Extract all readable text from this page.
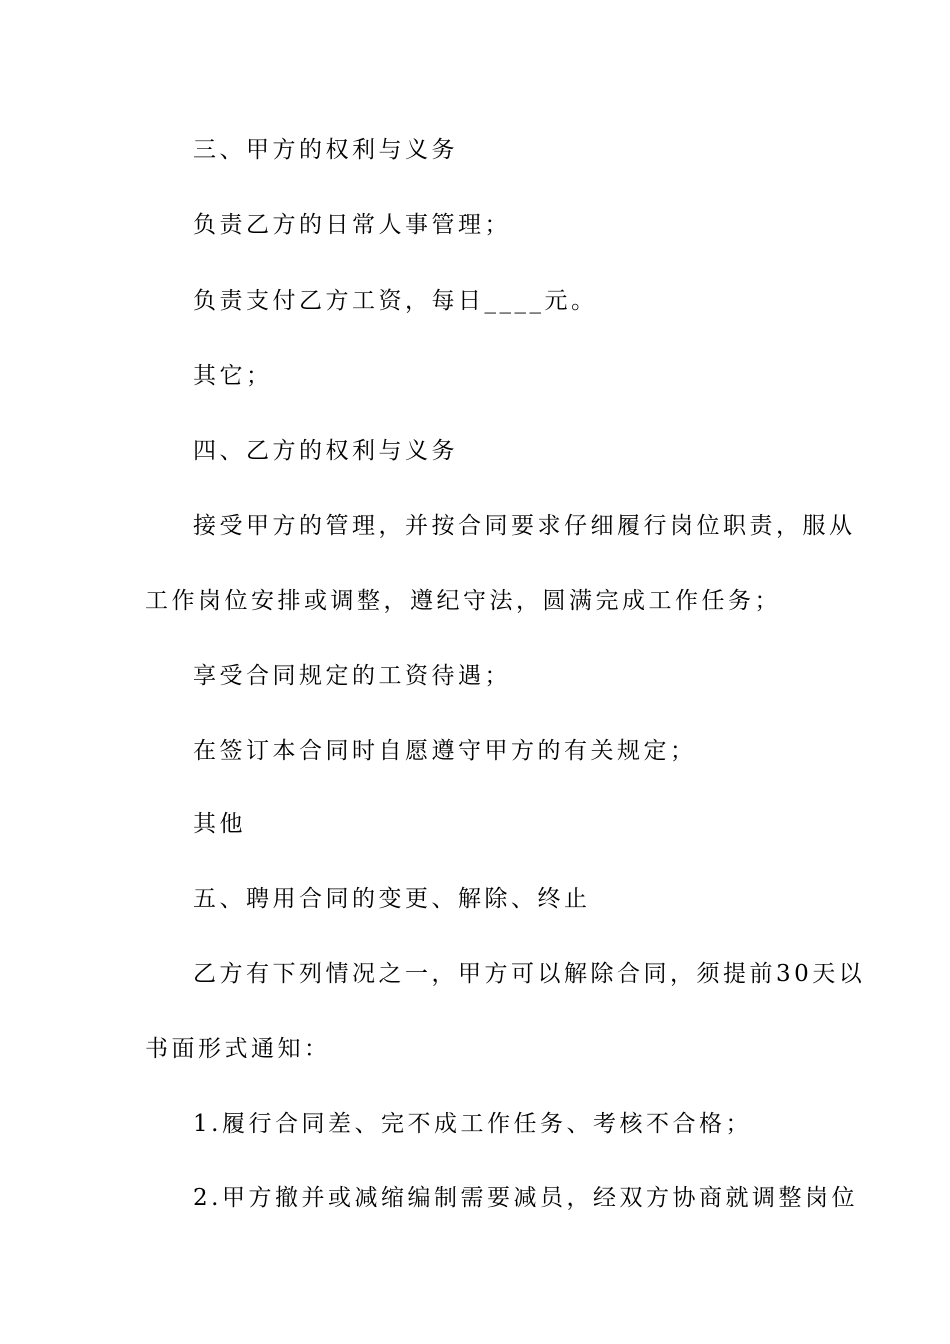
三、甲方的权利与义务
负责乙方的日常人事管理；
负责支付乙方工资，每日____元。
其它；
四、乙方的权利与义务
接受甲方的管理，并按合同要求仔细履行岗位职责，服从
工作岗位安排或调整，遵纪守法，圆满完成工作任务；
享受合同规定的工资待遇；
在签订本合同时自愿遵守甲方的有关规定；
其他
五、聘用合同的变更、解除、终止
乙方有下列情况之一，甲方可以解除合同，须提前30天以
书面形式通知：
1.履行合同差、完不成工作任务、考核不合格；
2.甲方撤并或减缩编制需要减员，经双方协商就调整岗位
